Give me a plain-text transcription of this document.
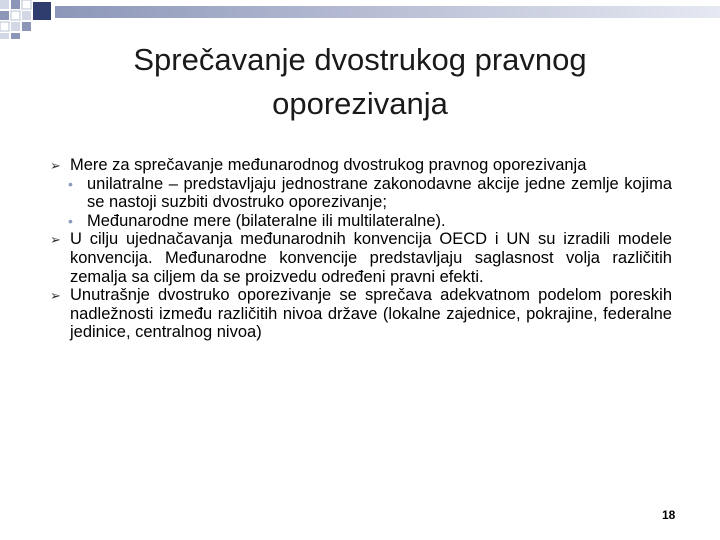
Sprečavanje dvostrukog pravnog oporezivanja
➢ Mere za sprečavanje međunarodnog dvostrukog pravnog oporezivanja
• unilatralne – predstavljaju jednostrane zakonodavne akcije jedne zemlje kojima se nastoji suzbiti dvostruko oporezivanje;
• Međunarodne mere (bilateralne ili multilateralne).
➢ U cilju ujednačavanja međunarodnih konvencija OECD i UN su izradili modele konvencija. Međunarodne konvencije predstavljaju saglasnost volja različitih zemalja sa ciljem da se proizvedu određeni pravni efekti.
➢ Unutrašnje dvostruko oporezivanje se sprečava adekvatnom podelom poreskih nadležnosti između različitih nivoa države (lokalne zajednice, pokrajine, federalne jedinice, centralnog nivoa)
18
